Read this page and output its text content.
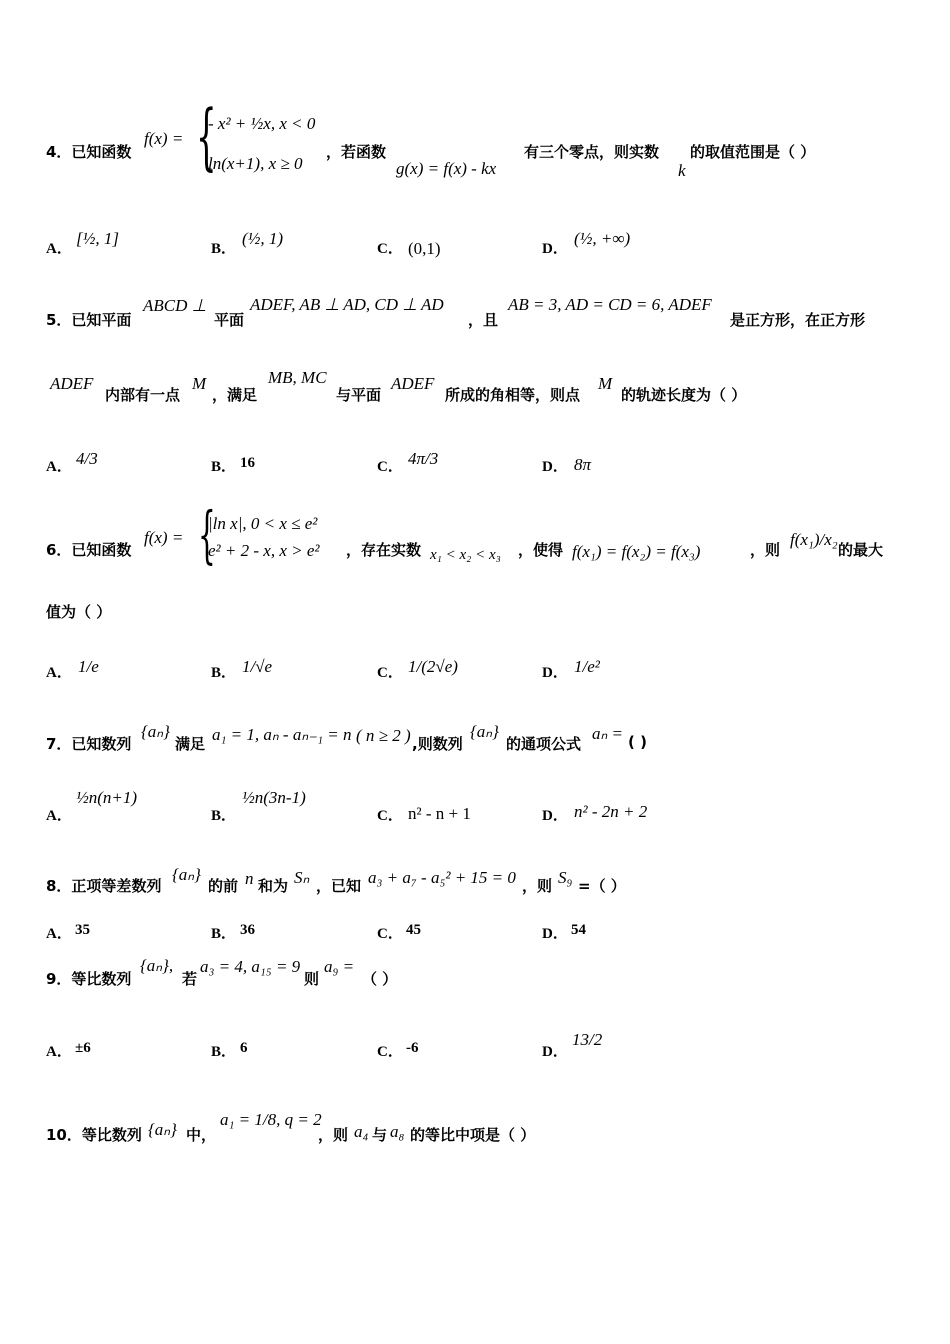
4．已知函数
f(x) = {
- x² + ½x, x < 0
ln(x+1), x ≥ 0
，若函数
g(x) = f(x) - kx
有三个零点，则实数
k
的取值范围是（ ）
A．
[½, 1]
B．
(½, 1)
C． (0,1)	D．
(½, +∞)
5．已知平面
ABCD ⊥
平面
ADEF, AB ⊥ AD, CD ⊥ AD
，且
AB = 3, AD = CD = 6, ADEF
是正方形，在正方形
ADEF
内部有一点
M
，满足
MB, MC
与平面
ADEF
所成的角相等，则点
M
的轨迹长度为（ ）
A． 4/3	B． 16	C． 4π/3	D． 8π
6．已知函数
f(x) = {
|ln x|, 0 < x ≤ e²
e² + 2 - x, x > e² ，存在实数 x₁ < x₂ < x₃ ，使得 f(x₁) = f(x₂) = f(x₃)	，则
f(x₁)/x₂
的最大
值为（ ）
A． 1/e	B． 1/√e	C． 1/(2√e)	D． 1/e²
7．已知数列
{aₙ}
满足 a₁ = 1, aₙ - aₙ₋₁ = n ( n ≥ 2 ) ,则数列
{aₙ}
的通项公式
aₙ = ( )
A．
½n(n+1)
B．
½n(3n-1)
C． n² - n + 1	D． n² - 2n + 2
8．正项等差数列
{aₙ}
的前 n 和为 Sₙ ，已知 a₃ + a₇ - a₅² + 15 = 0 ，则 S₉ =（ ）
A． 35	B． 36	C． 45	D． 54
9．等比数列
{aₙ},
若
a₃ = 4, a₁₅ = 9
则
a₉ =
（ ）
A． ±6	B． 6	C． -6	D．
13/2
10．等比数列 {aₙ} 中，
a₁ = 1/8, q = 2
，则 a₄ 与 a₈ 的等比中项是（ ）
